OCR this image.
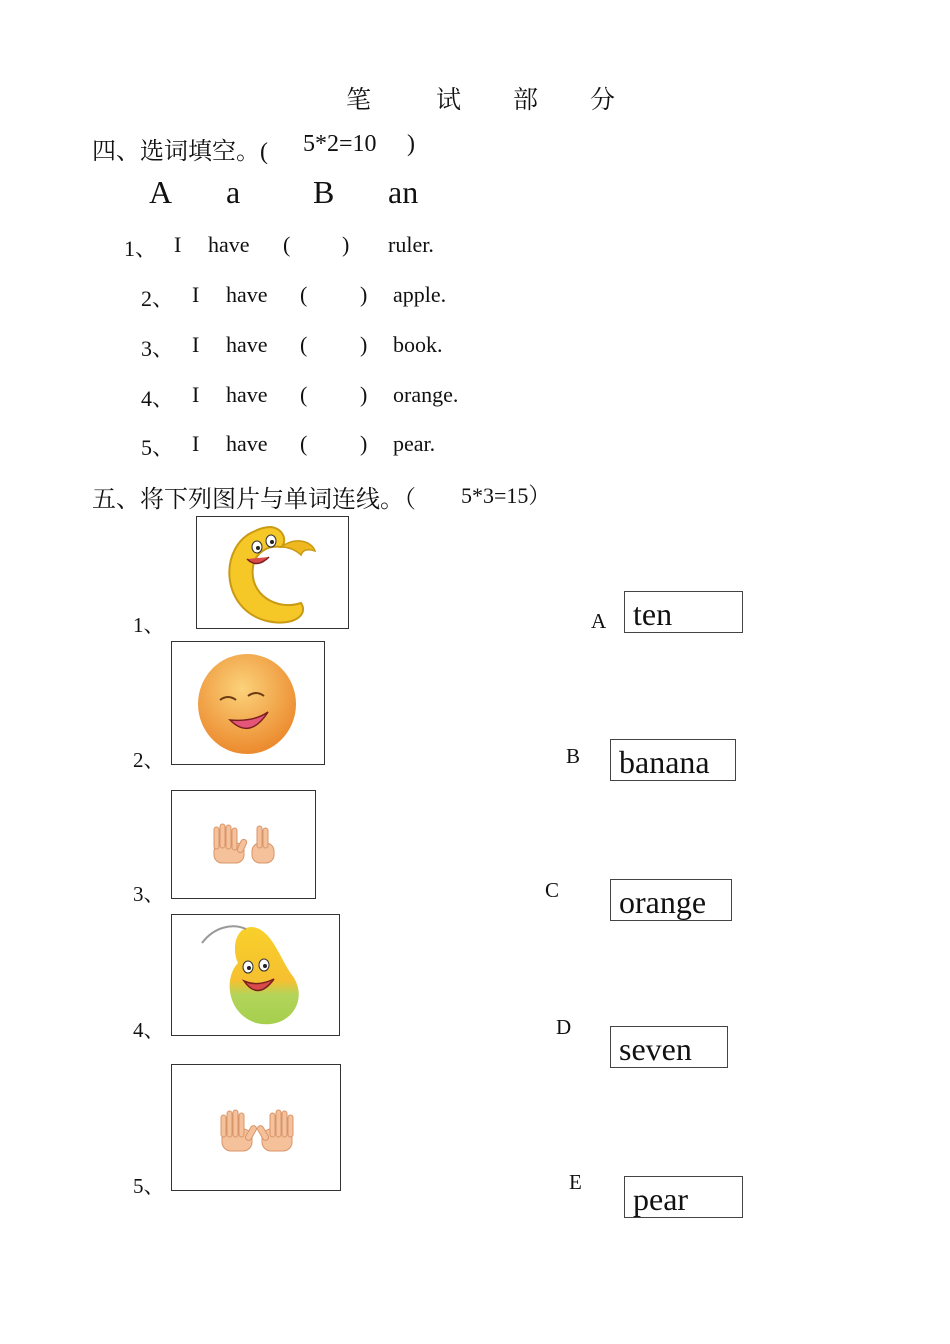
笔	试 部 分
四、选词填空。( 5*2=10 )
A a B an
1、 I have ( ) ruler.
2、 I have ( ) apple.
3、 I have ( ) book.
4、 I have ( ) orange.
5、 I have ( ) pear.
五、将下列图片与单词连线。（ 5*3=15）
1、
2、
3、
4、
5、
A
B
C
D
E
ten
banana
orange
seven
pear
